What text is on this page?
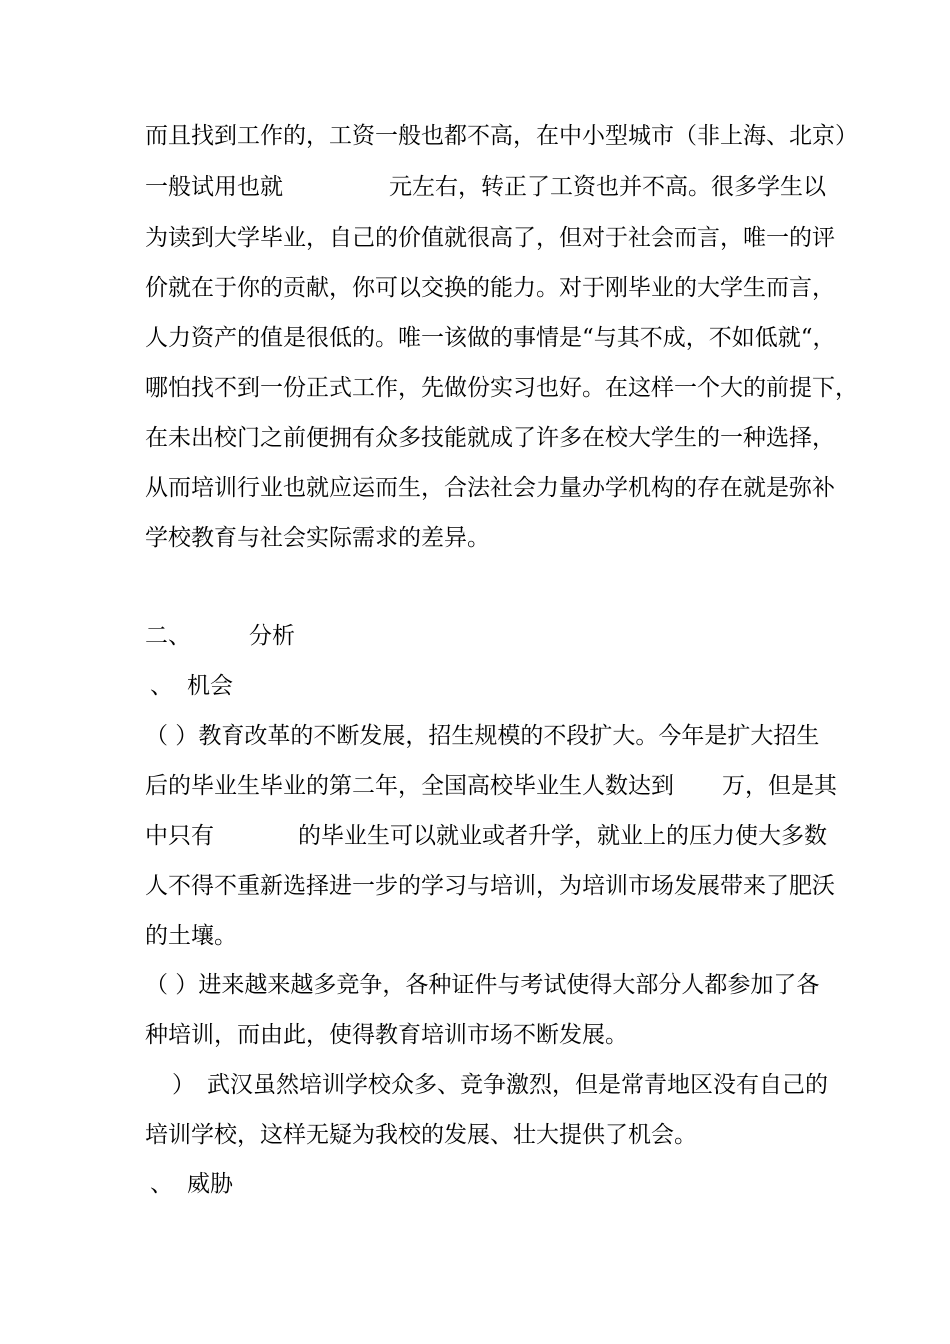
而且找到工作的，工资一般也都不高，在中小型城市（非上海、北京）
一般试用也就	元左右，转正了工资也并不高。很多学生以
为读到大学毕业，自己的价值就很高了，但对于社会而言，唯一的评
价就在于你的贡献，你可以交换的能力。对于刚毕业的大学生而言，
人力资产的值是很低的。唯一该做的事情是“与其不成，不如低就“，
哪怕找不到一份正式工作，先做份实习也好。在这样一个大的前提下，
在未出校门之前便拥有众多技能就成了许多在校大学生的一种选择，
从而培训行业也就应运而生，合法社会力量办学机构的存在就是弥补
学校教育与社会实际需求的差异。
二、	分析
、 机会
（ ）教育改革的不断发展，招生规模的不段扩大。今年是扩大招生
后的毕业生毕业的第二年，全国高校毕业生人数达到 万，但是其
中只有	的毕业生可以就业或者升学，就业上的压力使大多数
人不得不重新选择进一步的学习与培训，为培训市场发展带来了肥沃
的土壤。
（ ）进来越来越多竞争，各种证件与考试使得大部分人都参加了各
种培训，而由此，使得教育培训市场不断发展。
） 武汉虽然培训学校众多、竞争激烈，但是常青地区没有自己的
培训学校，这样无疑为我校的发展、壮大提供了机会。
、 威胁
